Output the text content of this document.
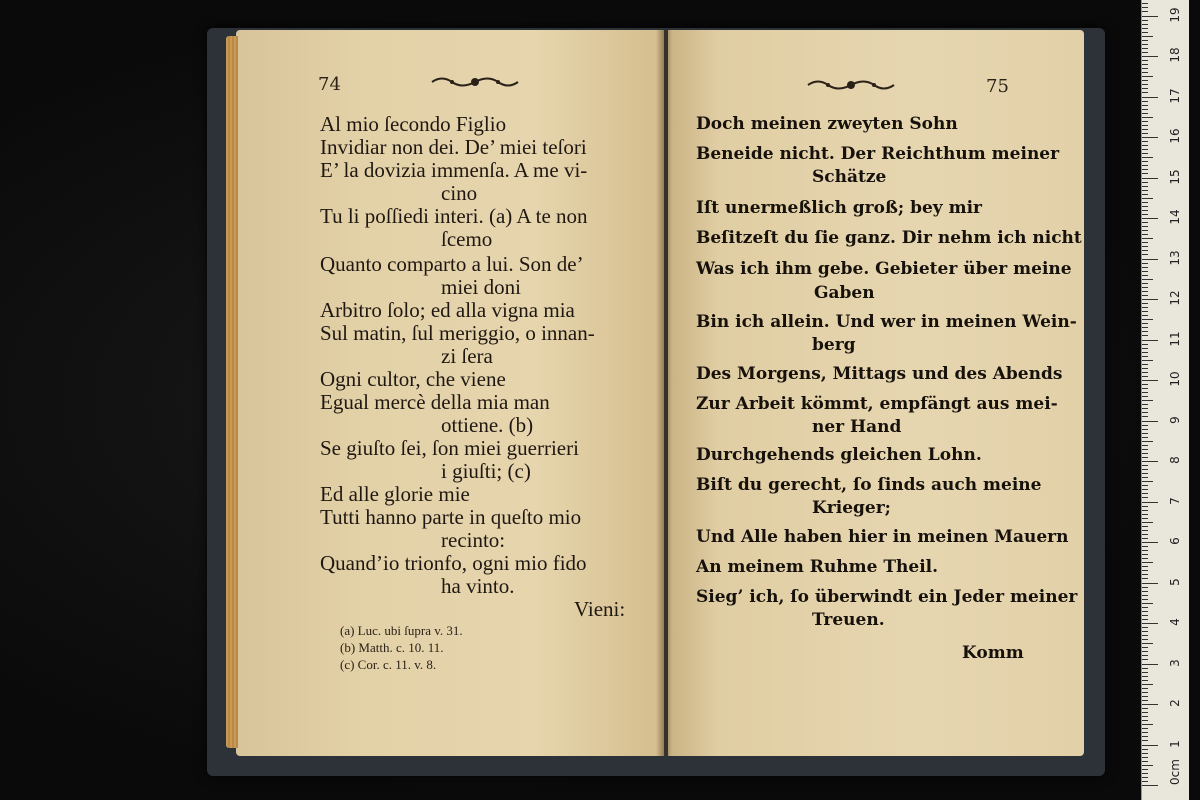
74
Al mio ſecondo Figlio
Invidiar non dei. De’ miei teſori
E’ la dovizia immenſa. A me vi-
cino
Tu li poſſiedi interi. (a) A te non
ſcemo
Quanto comparto a lui. Son de’
miei doni
Arbitro ſolo; ed alla vigna mia
Sul matin, ſul meriggio, o innan-
zi ſera
Ogni cultor, che viene
Egual mercè della mia man
ottiene. (b)
Se giuſto ſei, ſon miei guerrieri
i giuſti; (c)
Ed alle glorie mie
Tutti hanno parte in queſto mio
recinto:
Quand’io trionfo, ogni mio fido
ha vinto.
Vieni:
(a) Luc. ubi ſupra v. 31.
(b) Matth. c. 10. 11.
(c) Cor. c. 11. v. 8.
75
Doch meinen zweyten Sohn
Beneide nicht. Der Reichthum meiner
Schätze
Iſt unermeßlich groß; bey mir
Beſitzeſt du ſie ganz. Dir nehm ich nicht
Was ich ihm gebe. Gebieter über meine
Gaben
Bin ich allein. Und wer in meinen Wein-
berg
Des Morgens, Mittags und des Abends
Zur Arbeit kömmt, empfängt aus mei-
ner Hand
Durchgehends gleichen Lohn.
Biſt du gerecht, ſo ſinds auch meine
Krieger;
Und Alle haben hier in meinen Mauern
An meinem Ruhme Theil.
Sieg’ ich, ſo überwindt ein Jeder meiner
Treuen.
Komm
0cm
1
2
3
4
5
6
7
8
9
10
11
12
13
14
15
16
17
18
19
